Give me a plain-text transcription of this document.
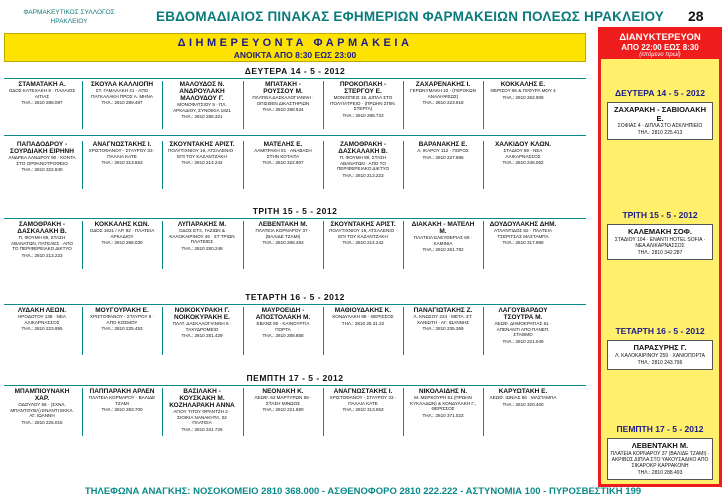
ΦΑΡΜΑΚΕΥΤΙΚΟΣ ΣΥΛΛΟΓΟΣ
ΗΡΑΚΛΕΙΟΥ	ΕΒΔΟΜΑΔΙΑΙΟΣ ΠΙΝΑΚΑΣ ΕΦΗΜΕΡΙΩΝ ΦΑΡΜΑΚΕΙΩΝ ΠΟΛΕΩΣ ΗΡΑΚΛΕΙΟΥ	28
ΔΙΗΜΕΡΕΥΟΝΤΑ ΦΑΡΜΑΚΕΙΑ
ΑΝΟΙΚΤΑ ΑΠΟ 8:30 ΕΩΣ 23:00
ΔΙΑΝΥΚΤΕΡΕΥΟΝ
ΑΠΟ 22:00 ΕΩΣ 8:30
(επόμενο πρωί)
ΔΕΥΤΕΡΑ 14 - 5 - 2012
ΖΑΧΑΡΑΚΗ - ΣΑΒΙΟΛΑΚΗ Ε.
ΣΟΦΙΑΣ 4 · ΔΙΠΛΑ ΣΤΟ ΑΣΚΛΗΠΙΕΙΟ
ΤΗΛ.: 2810 225.413
ΤΡΙΤΗ 15 - 5 - 2012
ΚΑΛΕΜΑΚΗ ΣΟΦ.
ΣΤΑΔΙΟΥ 104 · ΕΝΑΝΤΙ HOTEL SOFIA · ΝΕΑ ΑΛΙΚΑΡΝΑΣΣΟΣ
ΤΗΛ.: 2810 342.287
ΤΕΤΑΡΤΗ 16 - 5 - 2012
ΠΑΡΑΣΥΡΗΣ Γ.
Λ. ΚΑΛΟΚΑΙΡΙΝΟΥ 259 · ΧΑΝΙΟΠΟΡΤΑ
ΤΗΛ.: 2810 243.796
ΠΕΜΠΤΗ 17 - 5 - 2012
ΛΕΒΕΝΤΑΚΗ Μ.
ΠΛΑΤΕΙΑ ΚΟΡΝΑΡΟΥ 37 (ΒΑΛΙΔΕ ΤΖΑΜΙ) · ΑΚΡΙΒΩΣ ΔΙΠΛΑ ΣΤΟ ΥΑΚΟΥΣΑΔΙΚΟ ΑΠΟ ΣΙΚΑΡΟΚΡ ΚΑΡΡΑΚΟΝΗ
ΤΗΛ.: 2810 288.493
ΔΕΥΤΕΡΑ 14 - 5 - 2012
ΣΤΑΜΑΤΑΚΗ Α.
ΟΔΟΣ ΚΑΤΕΧΑΚΗ 9 · ΠΑΛΑΙΟΣ ΑΙΤΙΑΣ
ΤΗΛ.: 2810 288.097
ΣΚΟΥΛΑ ΚΑΛΛΙΟΠΗ
ΣΤ. ΓΑΜΑΛΑΚΗ 41 · ΑΠΟ ΠΑΓΚΑΛΑΚΗ ΠΡΟΣ Α. ΜΗΝΑ
ΤΗΛ.: 2810 289.487
ΜΑΛΟΥΔΟΣ Ν. ΑΝΔΡΟΥΛΑΚΗ ΜΑΛΟΥΔΟΥ Γ.
ΜΟΝΟΦΑΤΣΙΟΥ 5 · ΠΛ. ΑΡΚΑΔΙΟΥ, ΣΥΝΟΙΚΙΑ 1821
ΤΗΛ.: 2810 288.321
ΜΠΑΤΑΚΗ - ΡΟΥΣΣΟΥ Μ.
ΠΛΑΤΕΙΑ ΔΑΣΚΑΛΟΓΙΑΝΝΗ · ΟΠΙΣΘΕΝ ΔΙΚΑΣΤΗΡΙΩΝ
ΤΗΛ.: 2810 288.534
ΠΡΟΚΟΠΑΚΗ - ΣΤΕΡΓΟΥ Ε.
ΜΟΝΙΟΠΕΙΣ 15, ΔΙΠΛΑ ΣΤΟ ΠΟΛΥΙΑΤΡΕΙΟ · (ΠΡΩΗΝ ΣΠΙΝ. ΣΤΕΡΓΑ)
ΤΗΛ.: 2810 288.723
ΖΑΧΑΡΕΝΑΚΗΣ Ι.
ΓΕΡΩΝΥΜΑΚΗ 10 · (ΓΕΡΟΚΩΝ ΑΝΑΛΗΨΕΩΣ)
ΤΗΛ.: 2810 223.918
ΚΟΚΚΑΛΗΣ Ε.
ΘΕΡΙΣΟΥ 86 & ΓΕΦΥΡΑ ΜΟΥ 4
ΤΗΛ.: 2810 262.908
ΠΑΠΑΔΟΔΡΟΥ - ΣΟΥΡΔΙΑΚΗ ΕΙΡΗΝΗ
ΑΝΔΡΕΑ ΛΑΝΔΡΟΥ 90 · ΚΟΝΤΑ ΣΤΟ ΟΡΦΑΝΟΤΡΟΦΕΙΟ
ΤΗΛ.: 2810 322.840
ΑΝΑΓΝΩΣΤΑΚΗΣ Ι.
ΧΡΙΣΤΟΦΑΝΟΥ - ΣΤΑΥΡΟΥ 33 · ΠΑΛΑΙΑ ΚΑΤΕ
ΤΗΛ.: 2810 313.653
ΣΚΟΥΝΤΑΚΗΣ ΑΡΙΣΤ.
ΠΟΛΥΤΙΧΝΙΟΥ 19, ΑΤΣΑΛΕΝΙΟ · ΕΠΙ ΤΟΥ ΚΑΖΑΝΤΖΑΚΗ
ΤΗΛ.: 2810 214.242
ΜΑΤΕΛΗΣ Ε.
ΛΑΜΠΡΑΚΗ 81 · ΑΝΑΒΑΣΗ ΣΤΗΝ ΚΟΤΑΙΤΑ
ΤΗΛ.: 2810 322.907
ΖΑΜΟΘΡΑΚΗ - ΔΑΣΚΑΛΑΚΗ Β.
Π. ΦΟΥΜΗ 89, ΣΤΑΣΗ ΑΒΑΝΑΤΩΝ · ΑΠΟ ΤΟ ΠΕΡΙΦΕΡΕΙΑΚΟ ΔΙΚΤΥΟ
ΤΗΛ.: 2810 213.223
ΒΑΡΑΝΑΚΗΣ Ε.
Λ. ΙΚΑΡΟΥ 112 · ΠΟΡΟΣ
ΤΗΛ.: 2810 227.896
ΧΑΛΚΙΔΟΥ ΚΛΩΝ.
ΣΤΑΔΙΟΥ 69 · ΝΕΑ ΑΛΙΚΑΡΝΑΣΣΟΣ
ΤΗΛ.: 2810 245.062
ΤΡΙΤΗ 15 - 5 - 2012
ΣΑΜΟΘΡΑΚΗ - ΔΑΣΚΑΛΑΚΗ Β.
Π. ΦΟΥΜΗ 89, ΣΤΑΣΗ ΑΒΑΝΑΤΩΝ, ΠΑΤΕΛΕΣ · ΑΠΟ ΤΟ ΠΕΡΙΦΕΡΕΙΑΚΟ ΔΙΚΤΥΟ
ΤΗΛ.: 2810 213.223
ΚΟΚΚΑΛΗΣ ΚΩΝ.
ΟΔΟΣ 1821 / ΑΡ. 92 · ΠΛΑΤΕΙΑ ΑΡΚΑΔΙΟΥ
ΤΗΛ.: 2810 288.030
ΛΥΠΑΡΑΚΗΣ Μ.
ΟΔΟΣ ΕΤΞ, ΓΑΖΙΩΝ & ΚΑΛΟΚΑΙΡΙΝΟΥ 46 · ΣΤ ΤΡΙΩΝ ΠΛΑΤΕΙΕΣ
ΤΗΛ.: 2810 280.248
ΛΕΒΕΝΤΑΚΗ Μ.
ΠΛΑΤΕΙΑ ΚΟΡΝΑΡΟΥ 37 · (ΒΑΛΙΔΕ ΤΖΑΜΙ)
ΤΗΛ.: 2810 288.493
ΣΚΟΥΝΤΑΚΗΣ ΑΡΙΣΤ.
ΠΟΛΥΤΙΧΝΙΟΥ 19, ΑΤΣΑΛΕΝΙΟ · ΕΠΙ ΤΟΥ ΚΑΖΑΝΤΖΑΚΗ
ΤΗΛ.: 2810 214.242
ΔΙΑΚΑΚΗ - ΜΑΤΕΛΗ Μ.
ΠΛΑΤΕΙΑ ΕΛΕΥΘΕΡΙΑΣ 69 · ΚΑΜΙΝΙΑ
ΤΗΛ.: 2810 261.782
ΔΟΥΔΟΥΛΑΚΗΣ ΔΗΜ.
ΑΤΛΑΝΤΙΔΟΣ 82 · ΠΛΑΤΕΙΑ ΤΣΕΡΙΤΣΑΣ ΜΑΣΤΑΜΠΑ
ΤΗΛ.: 2810 317.968
ΤΕΤΑΡΤΗ 16 - 5 - 2012
ΛΥΔΑΚΗ ΛΕΩΝ.
ΗΡΟΔΟΤΟΥ 138 · ΝΕΑ ΑΛΙΚΑΡΝΑΣΣΟΣ
ΤΗΛ.: 2810 223.955
ΜΟΥΓΟΥΡΑΚΗ Ε.
ΧΡΙΣΤΟΦΑΝΟΥ - ΣΤΑΥΡΟΥ 8 · ΑΠΟ ΚΟΣΜΟΥ
ΤΗΛ.: 2810 225.453
ΝΟΙΚΟΚΥΡΑΚΗ Γ. ΝΟΙΚΟΚΥΡΑΚΗ Ε.
ΠΛΑΤ. ΔΑΣΚΑΛΟΓΙΑΝΝΗ 6 · ΤΑΧΥΔΡΟΜΕΙΟ
ΤΗΛ.: 2810 281.429
ΜΑΥΡΟΕΙΔΗ - ΑΠΟΣΤΟΛΑΚΗ Μ.
ΕΒΑΝΣ 90 · ΚΑΙΝΟΥΡΓΙΑ ΠΟΡΤΑ
ΤΗΛ.: 2810 288.858
ΜΑΘΙΟΥΔΑΚΗΣ Κ.
ΚΟΝΔΥΛΑΚΗ 89 · ΘΕΡΙΣΣΟΣ
ΤΗΛ.: 2810 25.31.22
ΠΑΝΑΓΙΩΤΑΚΗΣ Ζ.
Λ. ΚΝΩΣΟΥ 224 · ΜΕΤΑ. ΣΤ. ΧΑΝΙΩΤΗ - ΑΓ. ΙΩΑΝΝΗΣ
ΤΗΛ.: 2810 235.369
ΛΑΓΟΥΒΑΡΔΟΥ ΤΣΟΥΤΡΑ Μ.
ΛΕΩΦ. ΔΗΜΟΚΡΑΤΙΑΣ 61 · ΑΠΕΝΑΝΤΙ ΑΠΟ ΠΑΝΕΠ. ΣΤΑΘΜΟ
ΤΗΛ.: 2810 221.049
ΠΕΜΠΤΗ 17 - 5 - 2012
ΜΠΑΜΠΙΟΥΝΑΚΗ ΧΑΡ.
ΟΔΟΥΛΟΥ 56 · (ΣΧΝΛ. ΜΠΑΝΤΟΥΒΑ) ΕΝΑΝΤΙ ΕΚΚΛ. ΑΓ. ΙΩΑΝΝΗ
ΤΗΛ.: 2810 225.015
ΠΑΠΠΑΡΑΚΗ ΑΡΛΕΝ
ΠΛΑΤΕΙΑ ΚΟΡΝΑΡΟΥ · ΒΑΛΙΔΕ ΤΖΑΜΙ
ΤΗΛ.: 2810 283.700
ΒΑΣΙΛΑΚΗ - ΚΟΥΣΚΑΚΗ Μ. ΚΟΖΗΛΑΡΑΚΗ ΑΝΝΑ
ΑΓΙΟΥ ΤΙΤΟΥ ΦΡΑΝΤΖΗ 2 · ΣΙΟΙΚΙΑ ΝΑΝΑΚΗΤΑ, 02 ΠΛΑΤΕΙΑ
ΤΗΛ.: 2810 341.726
ΝΕΟΝΑΚΗ Κ.
ΛΕΩΦ. 62 ΜΑΡΤΥΡΩΝ 59 · ΣΤΑΣΗ ΜΙΝΩΟΣ
ΤΗΛ.: 2810 221.690
ΑΝΑΓΝΩΣΤΑΚΗΣ Ι.
ΧΡΙΣΤΟΦΑΝΟΥ - ΣΤΑΥΡΟΥ 33 · ΠΑΛΑΙΑ ΚΑΤΕ
ΤΗΛ.: 2810 313.653
ΝΙΚΟΛΑΙΔΗΣ Ν.
Μ. ΜΕΡΚΟΥΡΗ 51 (ΠΡΩΗΝ ΚΥΚΛΑΔΩΝ) & ΚΟΝΔΥΛΑΚΗ Γ., ΘΕΡΙΣΣΟΣ
ΤΗΛ.: 2810 371.023
ΚΑΡΥΩΤΑΚΗ Ε.
ΛΕΩΦ. ΙΩΝΙΑΣ 86 · ΜΑΣΤΑΜΠΑ
ΤΗΛ.: 2810 320.400
ΤΗΛΕΦΩΝΑ ΑΝΑΓΚΗΣ: ΝΟΣΟΚΟΜΕΙΟ 2810 368.000 - ΑΣΘΕΝΟΦΟΡΟ 2810 222.222 - ΑΣΤΥΝΟΜΙΑ 100 - ΠΥΡΟΣΒΕΣΤΙΚΗ 199
